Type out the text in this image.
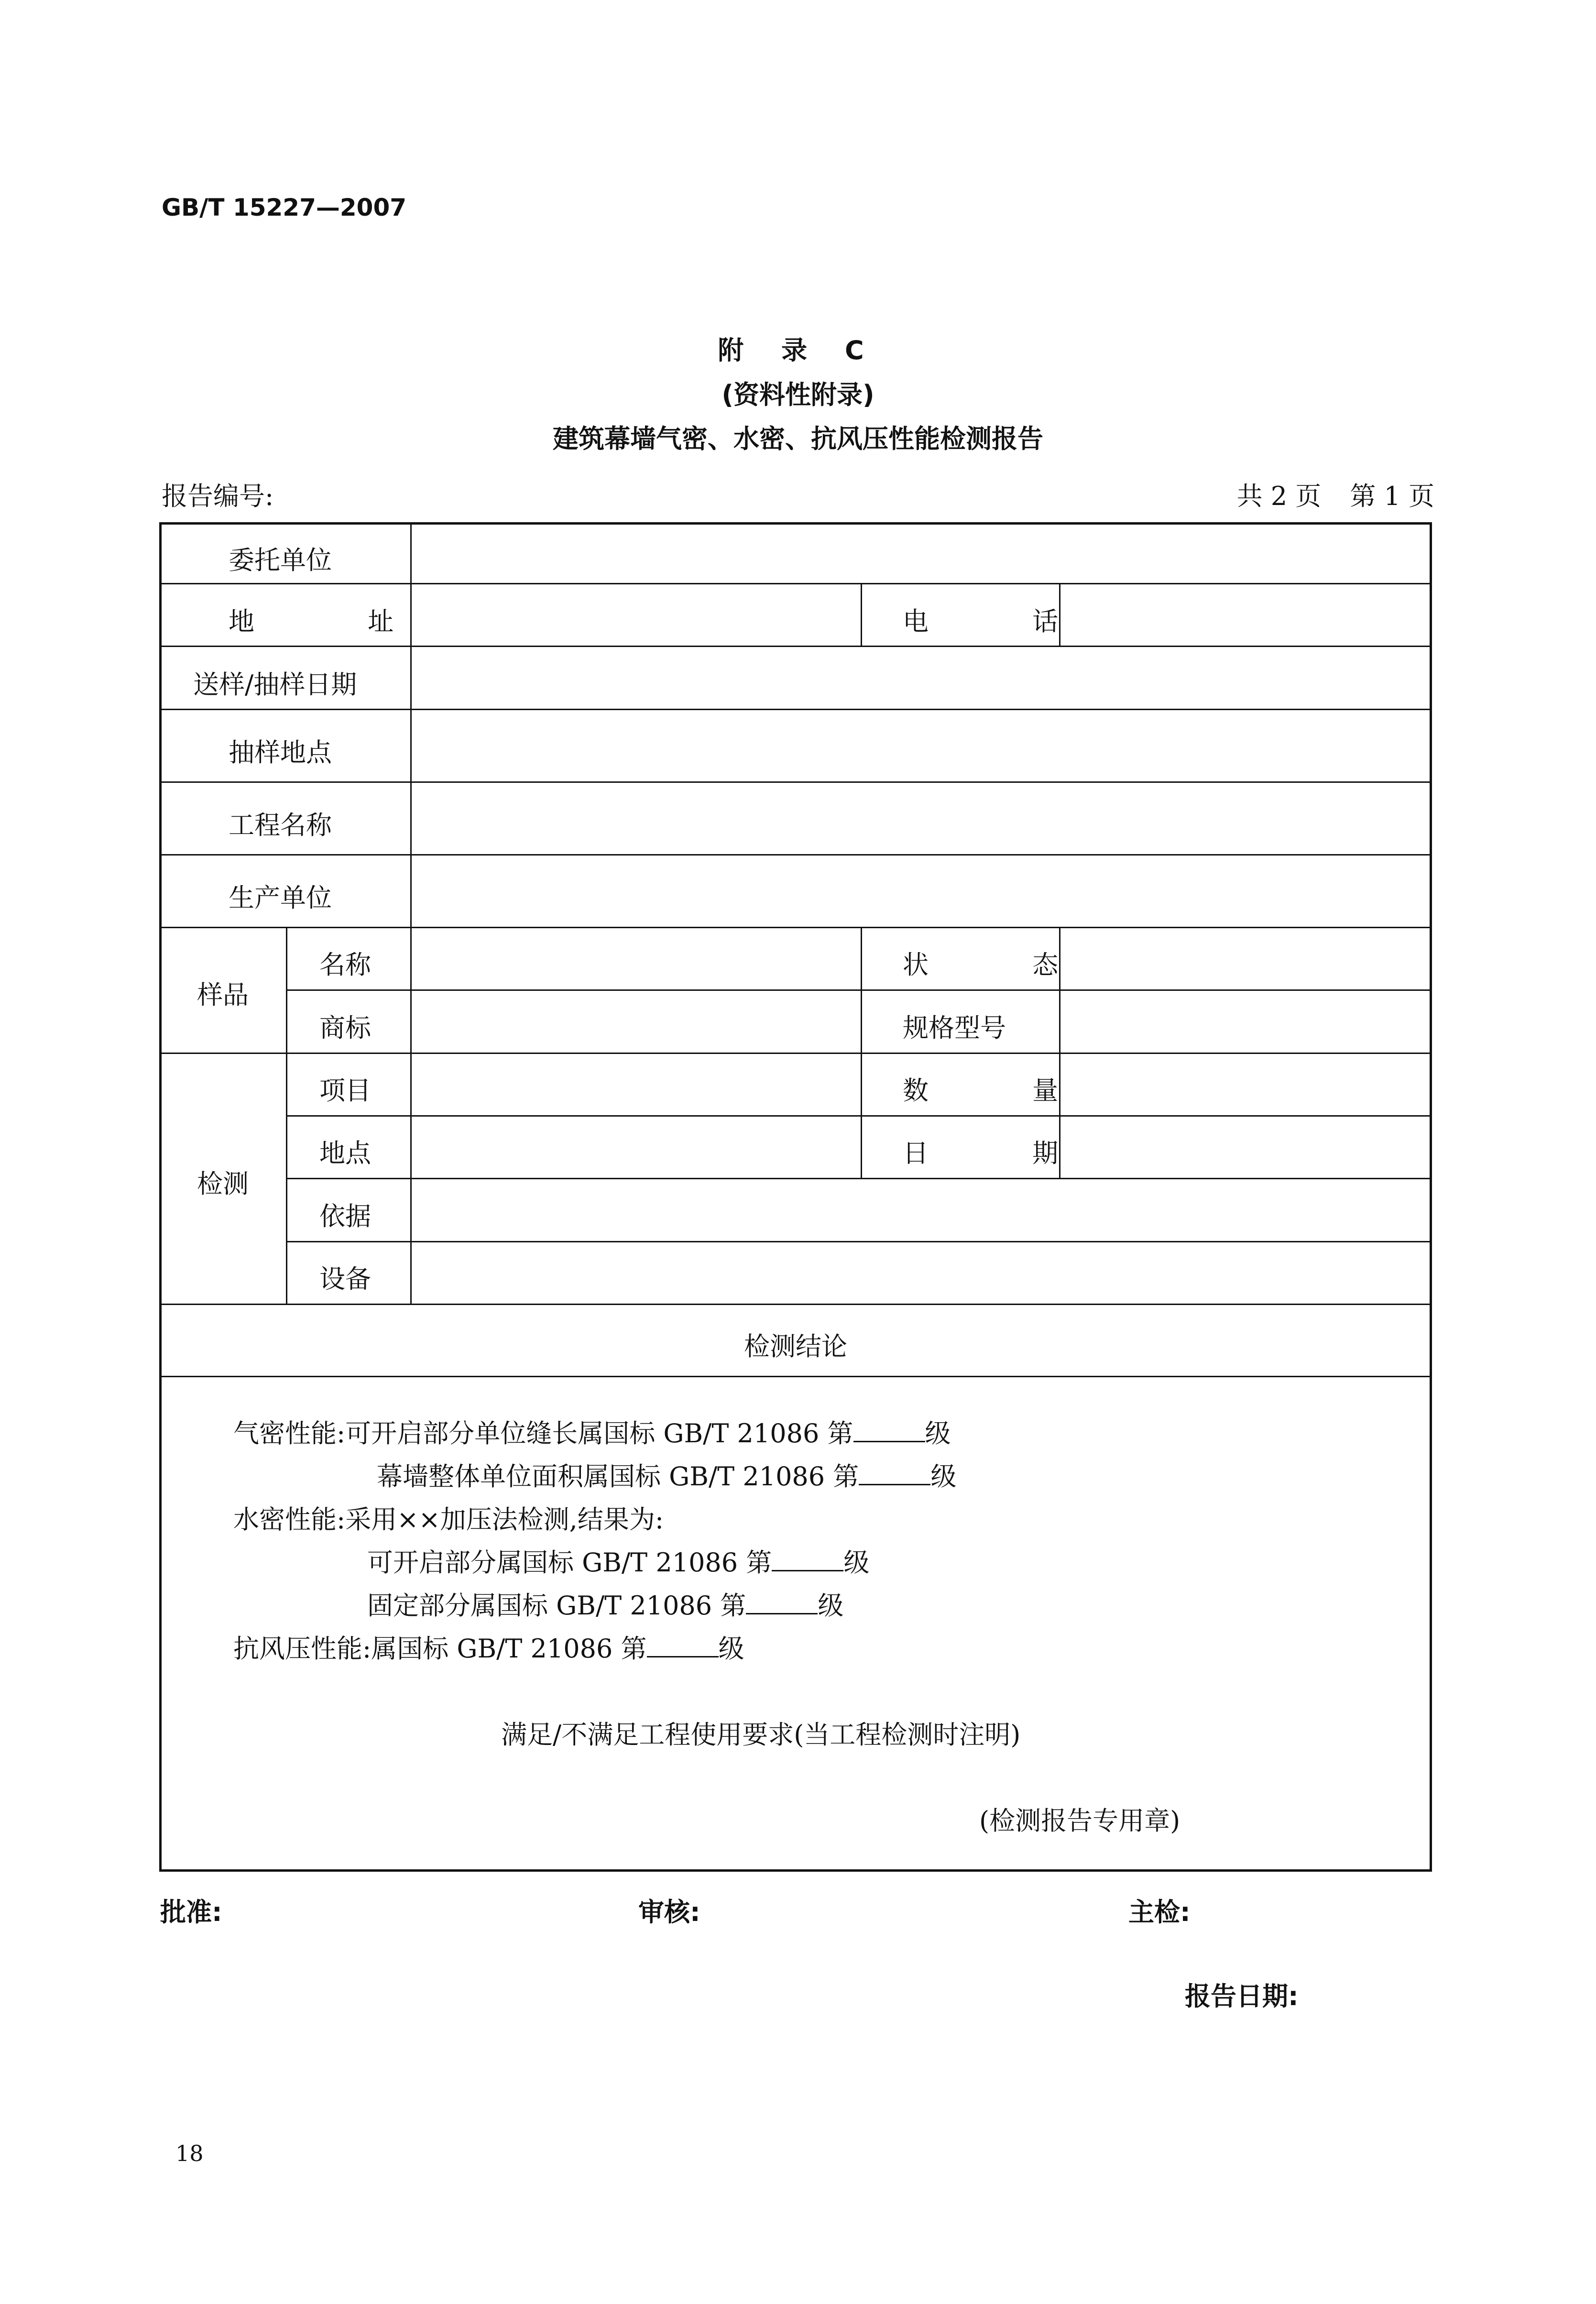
GB/T 15227—2007
附 录 C
(资料性附录)
建筑幕墙气密、水密、抗风压性能检测报告
报告编号:	共 2 页 第 1 页
委托单位
地 址	电 话
送样/抽样日期
抽样地点
工程名称
生产单位
样品
名称	状 态
商标	规格型号
检测
项目	数 量
地点	日 期
依据
设备
检测结论
气密性能:可开启部分单位缝长属国标 GB/T 21086 第	级
幕墙整体单位面积属国标 GB/T 21086 第	级
水密性能:采用××加压法检测,结果为:
可开启部分属国标 GB/T 21086 第	级
固定部分属国标 GB/T 21086 第	级
抗风压性能:属国标 GB/T 21086 第	级
满足/不满足工程使用要求(当工程检测时注明)
(检测报告专用章)
批准:	审核:	主检:
报告日期:
18
